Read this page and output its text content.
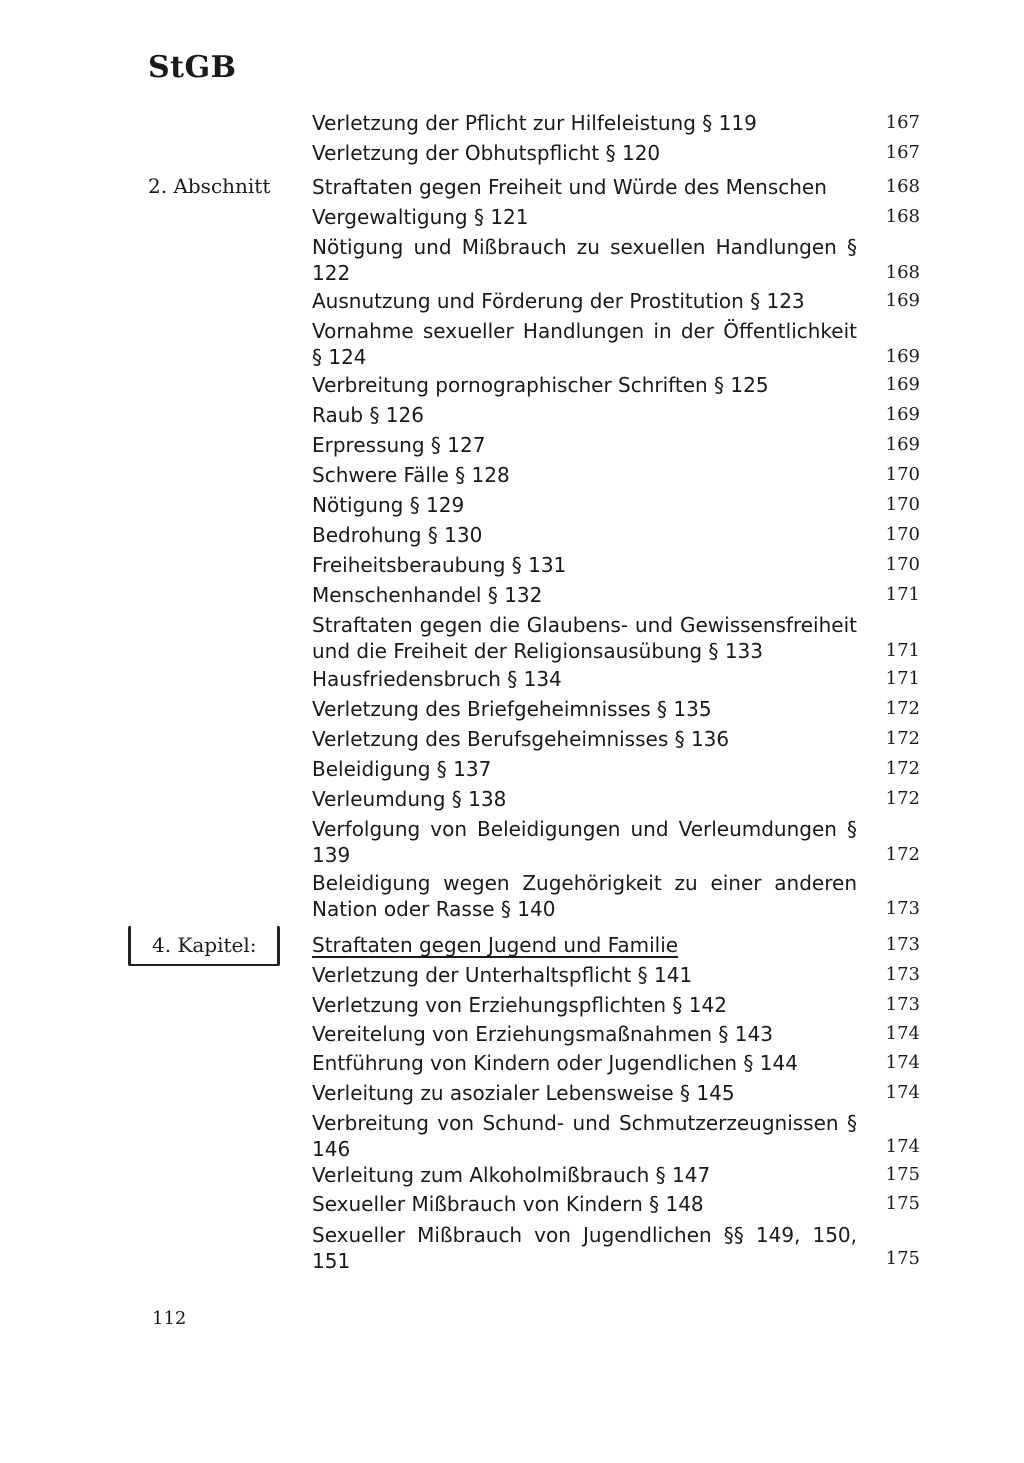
StGB
Verletzung der Pflicht zur Hilfeleistung § 119	167
Verletzung der Obhutspflicht § 120	167
2. Abschnitt Straftaten gegen Freiheit und Würde des Menschen	168
Vergewaltigung § 121	168
Nötigung und Mißbrauch zu sexuellen Handlungen § 122	168
Ausnutzung und Förderung der Prostitution § 123	169
Vornahme sexueller Handlungen in der Öffentlichkeit § 124	169
Verbreitung pornographischer Schriften § 125	169
Raub § 126	169
Erpressung § 127	169
Schwere Fälle § 128	170
Nötigung § 129	170
Bedrohung § 130	170
Freiheitsberaubung § 131	170
Menschenhandel § 132	171
Straftaten gegen die Glaubens- und Gewissensfreiheit und die Freiheit der Religionsausübung § 133	171
Hausfriedensbruch § 134	171
Verletzung des Briefgeheimnisses § 135	172
Verletzung des Berufsgeheimnisses § 136	172
Beleidigung § 137	172
Verleumdung § 138	172
Verfolgung von Beleidigungen und Verleumdungen § 139	172
Beleidigung wegen Zugehörigkeit zu einer anderen Nation oder Rasse § 140	173
4. Kapitel:	Straftaten gegen Jugend und Familie	173
Verletzung der Unterhaltspflicht § 141	173
Verletzung von Erziehungspflichten § 142	173
Vereitelung von Erziehungsmaßnahmen § 143	174
Entführung von Kindern oder Jugendlichen § 144	174
Verleitung zu asozialer Lebensweise § 145	174
Verbreitung von Schund- und Schmutzerzeugnissen § 146	174
Verleitung zum Alkoholmißbrauch § 147	175
Sexueller Mißbrauch von Kindern § 148	175
Sexueller Mißbrauch von Jugendlichen §§ 149, 150, 151	175
112
